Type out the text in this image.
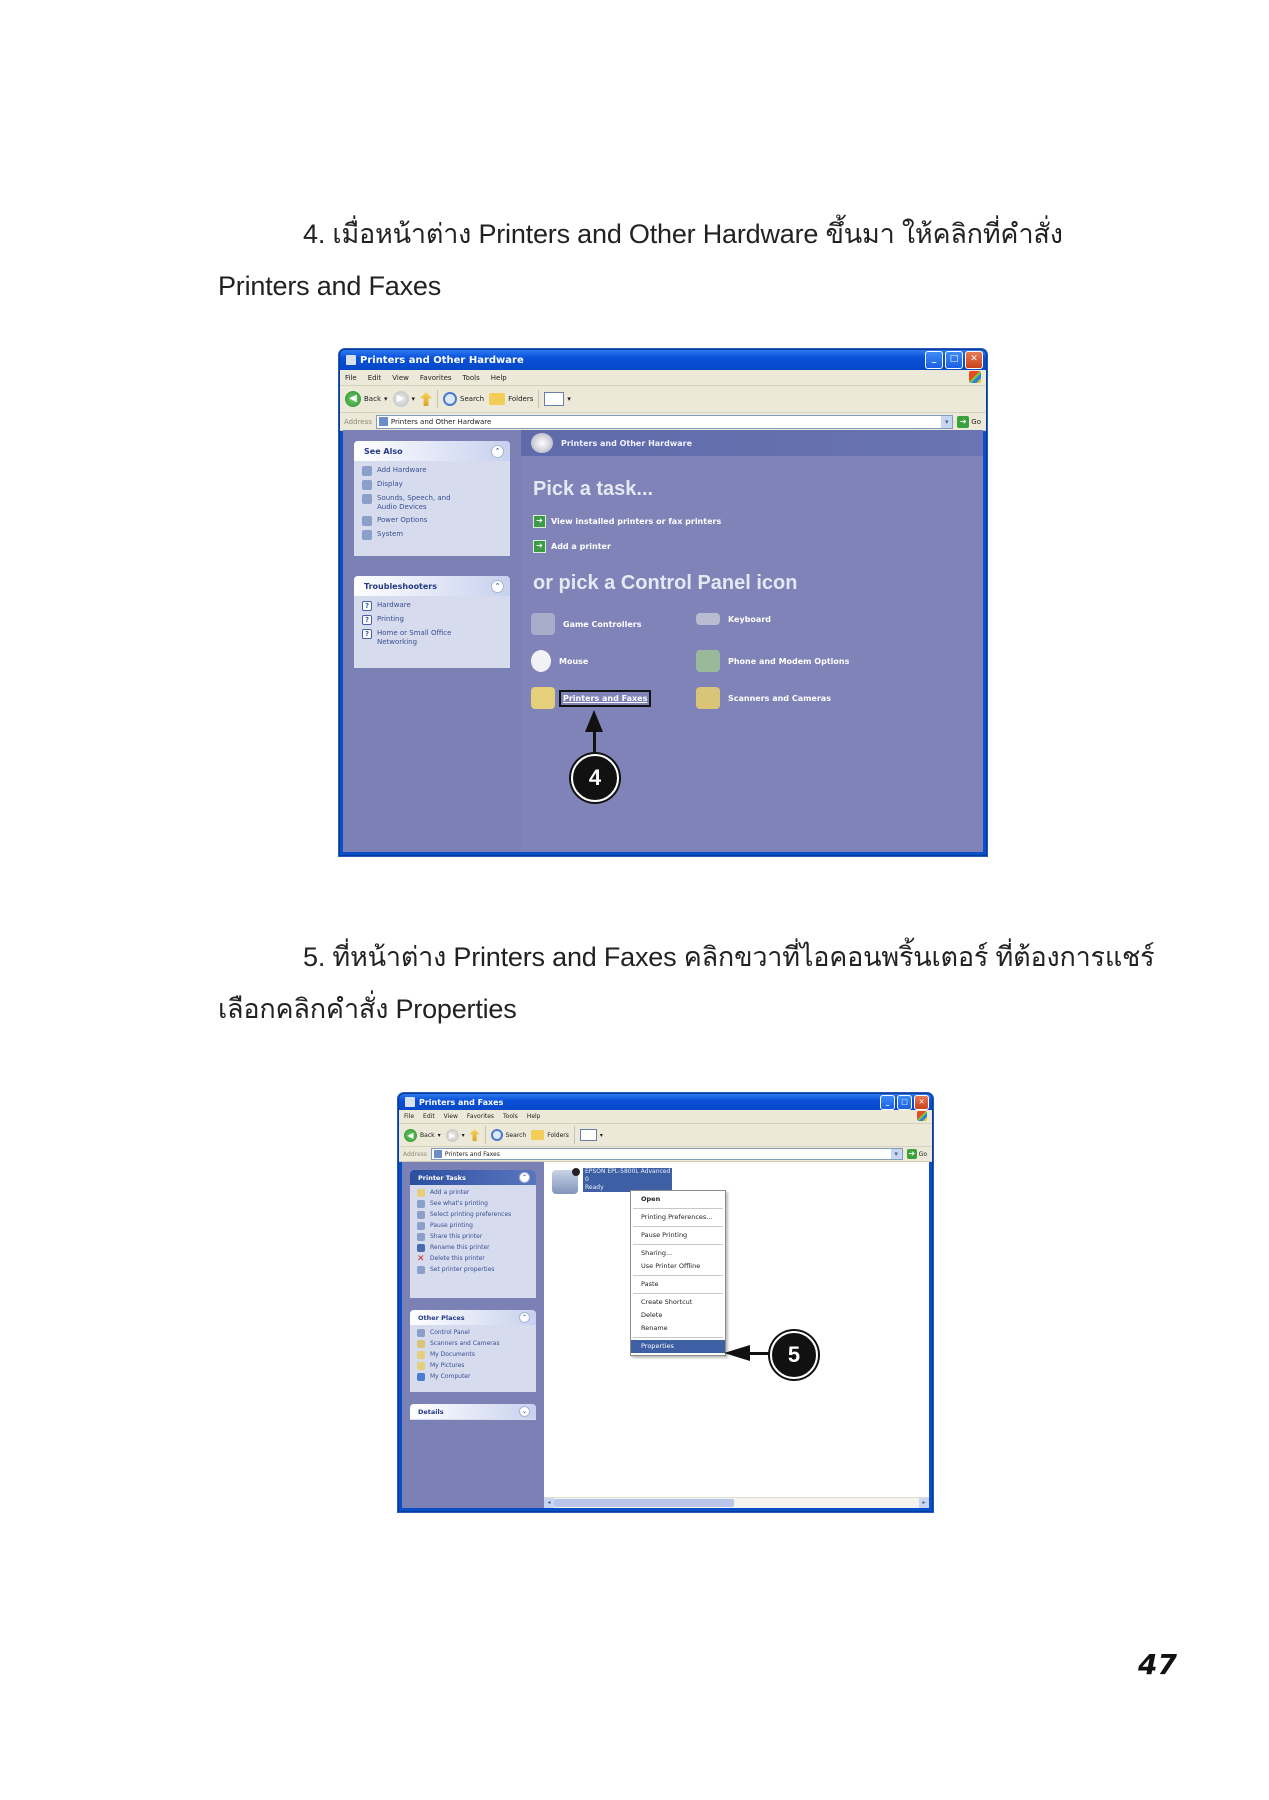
4. เมื่อหน้าต่าง Printers and Other Hardware ขึ้นมา ให้คลิกที่คำสั่ง
Printers and Faxes
Printers and Other Hardware	_	□	✕
File Edit View Favorites Tools Help
◀	Back ▾ ▶	▾	Search	Folders	▾
Address	Printers and Other Hardware	▾	➔ Go
See Also	⌃
Add Hardware
Display
Sounds, Speech, and Audio Devices
Power Options
System
Troubleshooters	⌃
?	Hardware
?	Printing
?	Home or Small Office Networking
Printers and Other Hardware
Pick a task...
➔	View installed printers or fax printers
➔	Add a printer
or pick a Control Panel icon
Game Controllers
Keyboard
Mouse	Phone and Modem Options
Printers and Faxes	Scanners and Cameras
4
5. ที่หน้าต่าง Printers and Faxes คลิกขวาที่ไอคอนพริ้นเตอร์ ที่ต้องการแชร์
เลือกคลิกคำสั่ง Properties
Printers and Faxes	_	□	✕
File Edit View Favorites Tools Help
◀	Back ▾	▶	▾	Search	Folders	▾
Address	Printers and Faxes	▾	➔ Go
Printer Tasks	⌃
Add a printer
See what's printing
Select printing preferences
Pause printing
Share this printer
Rename this printer
✕ Delete this printer
Set printer properties
Other Places	⌃
Control Panel
Scanners and Cameras
My Documents
My Pictures
My Computer
Details	⌄
EPSON EPL-5800L Advanced
0
Ready
Open
Printing Preferences...
Pause Printing
Sharing...
Use Printer Offline
Paste
Create Shortcut
Delete
Rename
Properties	5
◂	▸
47
